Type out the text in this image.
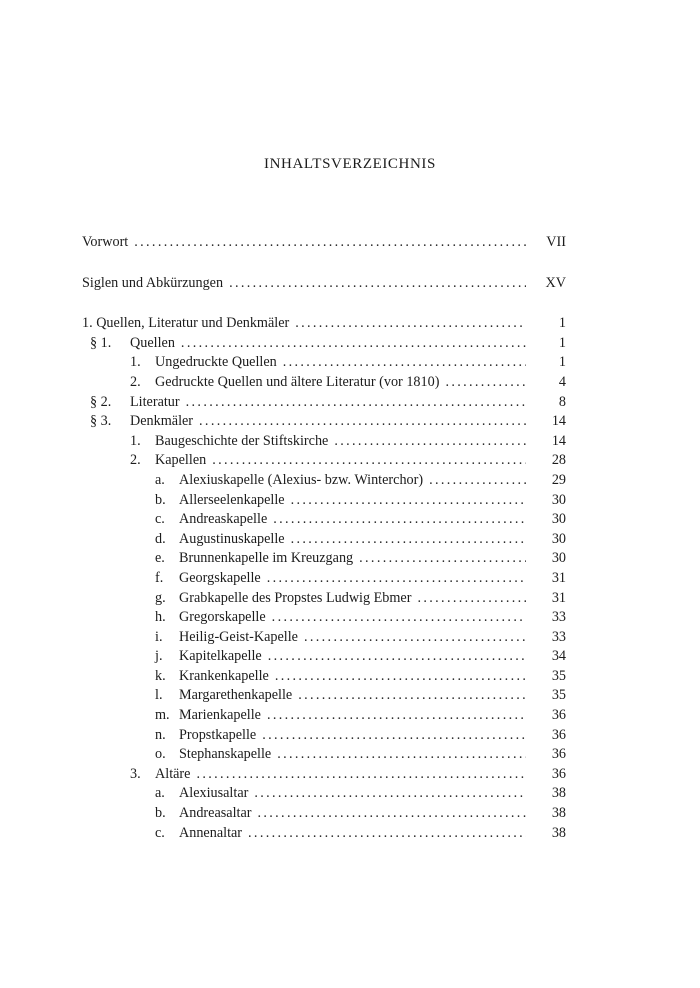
INHALTSVERZEICHNIS
Vorwort . . .	VII
Siglen und Abkürzungen . . .	XV
1. Quellen, Literatur und Denkmäler . . .	1
§ 1.	Quellen . . .	1
1.	Ungedruckte Quellen . . .	1
2.	Gedruckte Quellen und ältere Literatur (vor 1810) . . .	4
§ 2.	Literatur . . .	8
§ 3.	Denkmäler . . .	14
1.	Baugeschichte der Stiftskirche . . .	14
2.	Kapellen . . .	28
a. Alexiuskapelle (Alexius- bzw. Winterchor) . . .	29
b. Allerseelenkapelle . . .	30
c. Andreaskapelle . . .	30
d. Augustinuskapelle . . .	30
e. Brunnenkapelle im Kreuzgang . . .	30
f.	Georgskapelle . . .	31
g. Grabkapelle des Propstes Ludwig Ebmer . . .	31
h. Gregorskapelle . . .	33
i.	Heilig-Geist-Kapelle . . .	33
j.	Kapitelkapelle . . .	34
k. Krankenkapelle . . .	35
l.	Margarethenkapelle . . .	35
m. Marienkapelle . . .	36
n. Propstkapelle . . .	36
o. Stephanskapelle . . .	36
3.	Altäre . . .	36
a. Alexiusaltar . . .	38
b. Andreasaltar . . .	38
c. Annenaltar . . .	38
